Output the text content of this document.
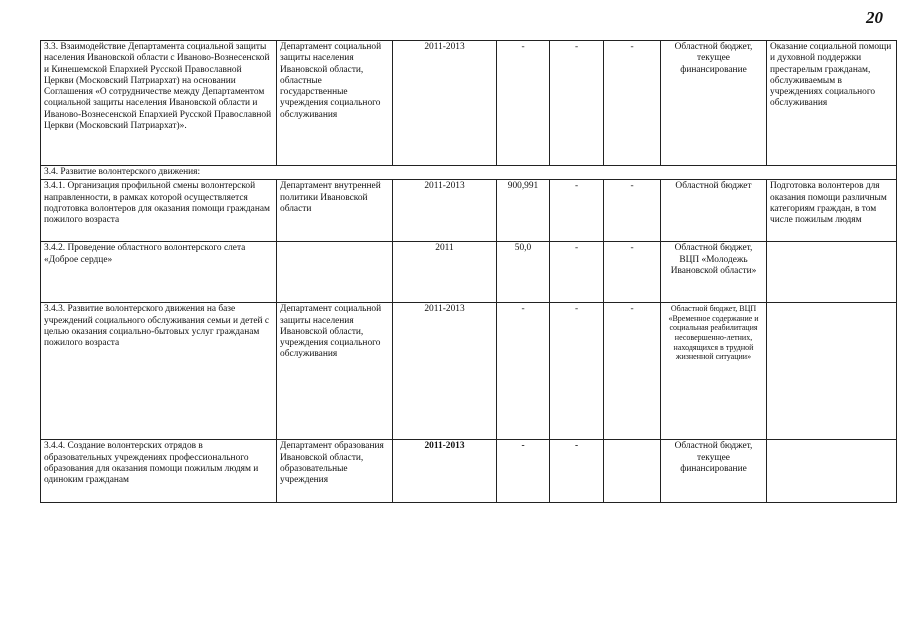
20
3.3. Взаимодействие Департамента социальной защиты населения Ивановской области с Иваново-Вознесенской и Кинешемской Епархией Русской Православной Церкви (Московский Патриархат) на основании Соглашения «О сотрудничестве между Департаментом социальной защиты населения Ивановской области и Иваново-Вознесенской Епархией Русской Православной Церкви (Московский Патриархат)».	Департамент социальной защиты населения Ивановской области, областные государственные учреждения социального обслуживания	2011-2013	-	-	-	Областной бюджет, текущее финансирование	Оказание социальной помощи и духовной поддержки престарелым гражданам, обслуживаемым в учреждениях социального обслуживания
3.4. Развитие волонтерского движения:							
3.4.1. Организация профильной смены волонтерской направленности, в рамках которой осуществляется подготовка волонтеров для оказания помощи гражданам пожилого возраста	Департамент внутренней политики Ивановской области	2011-2013	900,991	-	-	Областной бюджет	Подготовка волонтеров для оказания помощи различным категориям граждан, в том числе пожилым людям
3.4.2. Проведение областного волонтерского слета «Доброе сердце»		2011	50,0	-	-	Областной бюджет, ВЦП «Молодежь Ивановской области»	
3.4.3. Развитие волонтерского движения на базе учреждений социального обслуживания семьи и детей с целью оказания социально-бытовых услуг гражданам пожилого возраста	Департамент социальной защиты населения Ивановской области, учреждения социального обслуживания	2011-2013	-	-	-	Областной бюджет, ВЦП «Временное содержание и социальная реабилитация несовершенно-летних, находящихся в трудной жизненной ситуации»	
3.4.4. Создание волонтерских отрядов в образовательных учреждениях профессионального образования для оказания помощи пожилым людям и одиноким гражданам	Департамент образования Ивановской области, образовательные учреждения	2011-2013	-	-		Областной бюджет, текущее финансирование	
